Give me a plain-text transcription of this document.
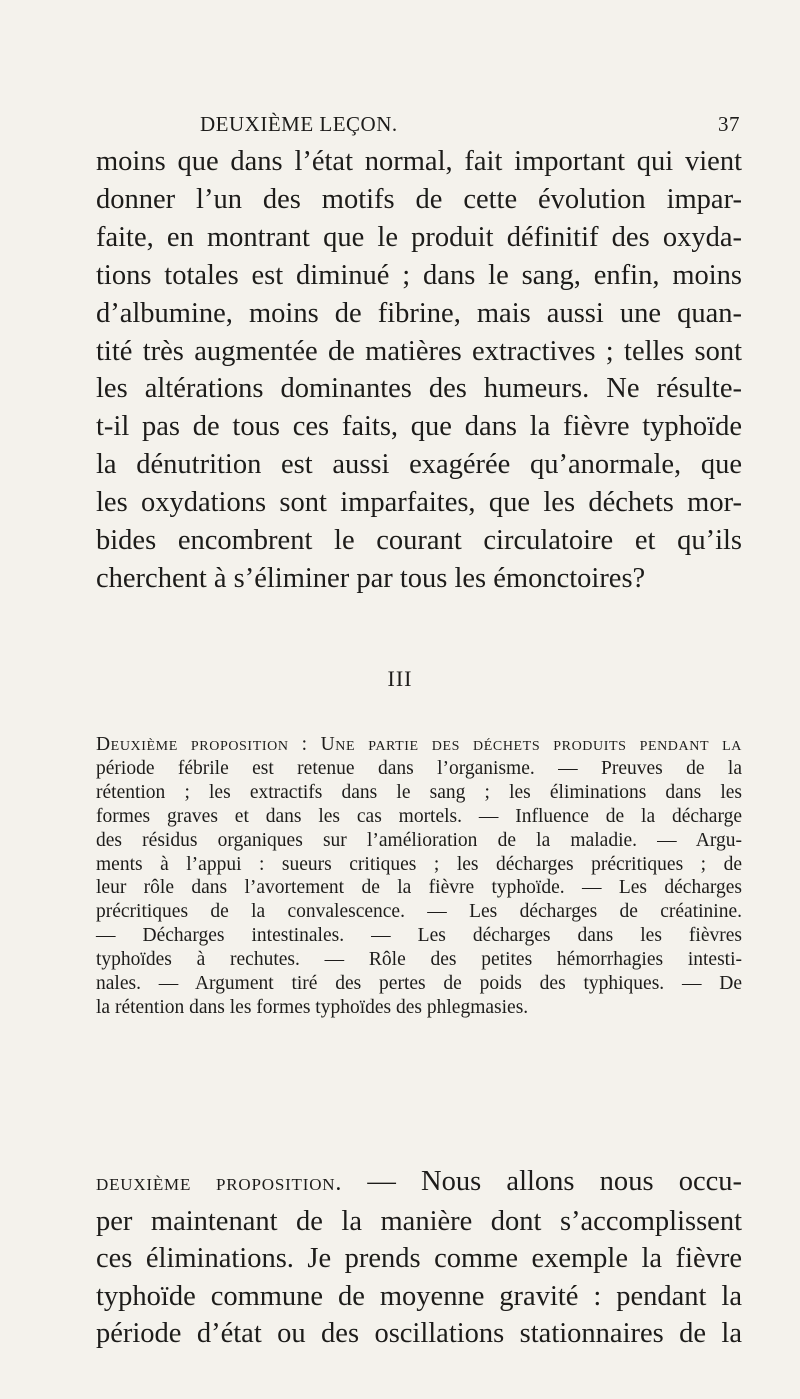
DEUXIÈME LEÇON.	37
moins que dans l’état normal, fait important qui vient
donner l’un des motifs de cette évolution impar-
faite, en montrant que le produit définitif des oxyda-
tions totales est diminué ; dans le sang, enfin, moins
d’albumine, moins de fibrine, mais aussi une quan-
tité très augmentée de matières extractives ; telles sont
les altérations dominantes des humeurs. Ne résulte-
t-il pas de tous ces faits, que dans la fièvre typhoïde
la dénutrition est aussi exagérée qu’anormale, que
les oxydations sont imparfaites, que les déchets mor-
bides encombrent le courant circulatoire et qu’ils
cherchent à s’éliminer par tous les émonctoires?
III
Deuxième proposition : Une partie des déchets produits pendant la
période fébrile est retenue dans l’organisme. — Preuves de la
rétention ; les extractifs dans le sang ; les éliminations dans les
formes graves et dans les cas mortels. — Influence de la décharge
des résidus organiques sur l’amélioration de la maladie. — Argu-
ments à l’appui : sueurs critiques ; les décharges précritiques ; de
leur rôle dans l’avortement de la fièvre typhoïde. — Les décharges
précritiques de la convalescence. — Les décharges de créatinine.
— Décharges intestinales. — Les décharges dans les fièvres
typhoïdes à rechutes. — Rôle des petites hémorrhagies intesti-
nales. — Argument tiré des pertes de poids des typhiques. — De
la rétention dans les formes typhoïdes des phlegmasies.
deuxième proposition. — Nous allons nous occu-
per maintenant de la manière dont s’accomplissent
ces éliminations. Je prends comme exemple la fièvre
typhoïde commune de moyenne gravité : pendant la
période d’état ou des oscillations stationnaires de la
